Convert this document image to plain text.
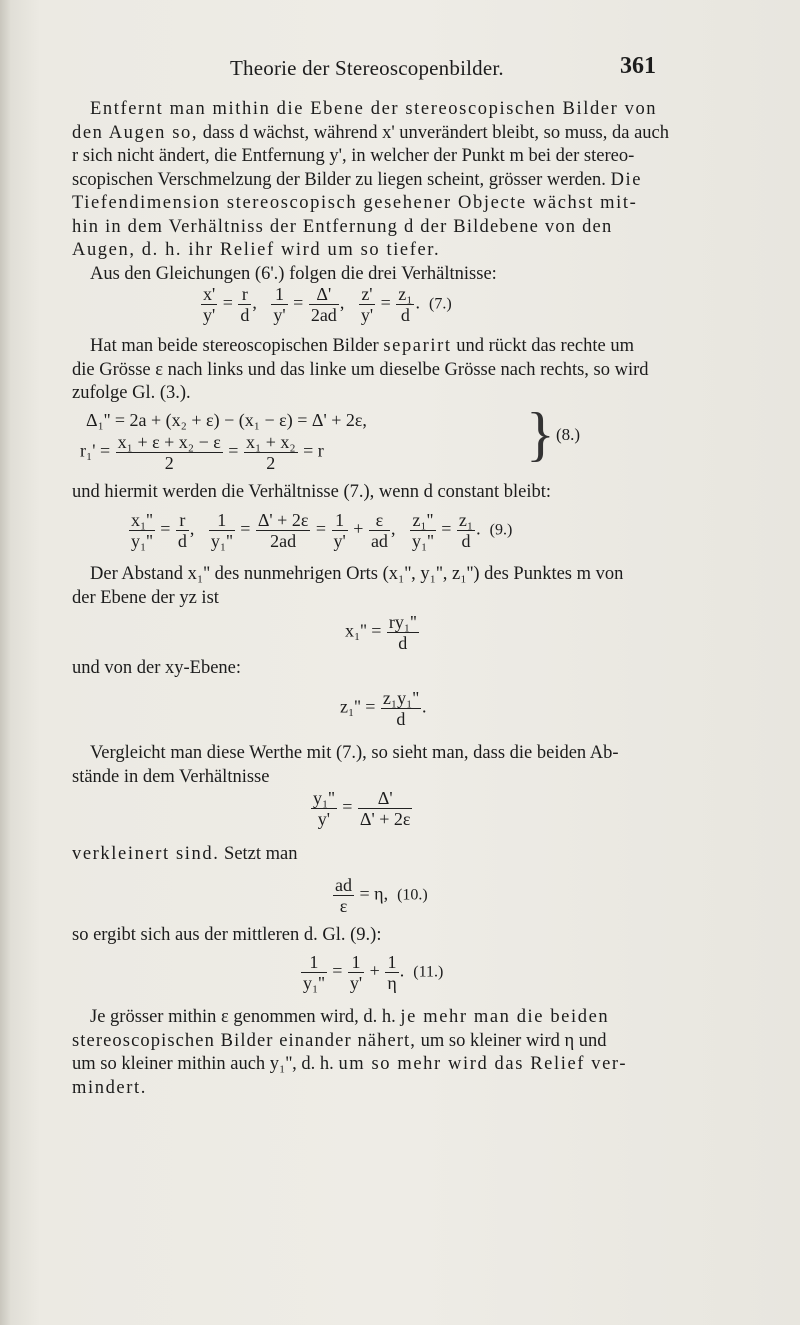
Theorie der Stereoscopenbilder.	361
Entfernt man mithin die Ebene der stereoscopischen Bilder von
den Augen so, dass d wächst, während x' unverändert bleibt, so muss, da auch
r sich nicht ändert, die Entfernung y', in welcher der Punkt m bei der stereo-
scopischen Verschmelzung der Bilder zu liegen scheint, grösser werden. Die
Tiefendimension stereoscopisch gesehener Objecte wächst mit-
hin in dem Verhältniss der Entfernung d der Bildebene von den
Augen, d. h. ihr Relief wird um so tiefer.
Aus den Gleichungen (6'.) folgen die drei Verhältnisse:
$\frac{x'}{y'} = \frac{r}{d}$ , $\frac{1}{y'} = \frac{\Delta'}{2ad}$ , $\frac{z'}{y'} = \frac{\text{z₁}}{d}$ . (7.)
Hat man beide stereoscopischen Bilder separirt und rückt das rechte um
die Grösse ε nach links und das linke um dieselbe Grösse nach rechts, so wird
zufolge Gl. (3.).
Δ₁'' = 2a + (x₂ + ε) − (x₁ − ε) = Δ' + 2ε,
$r_1' = \frac{\text{x₁ + ε + x₂ − ε}}{2} = \frac{\text{x₁ + x₂}}{2} = r$	} (8.)
und hiermit werden die Verhältnisse (7.), wenn d constant bleibt:
$\frac{\text{x₁''}}{\text{y₁''}} = \frac{r}{d}$ , $\frac{1}{\text{y₁''}} = \frac{\Delta' + 2\varepsilon}{2ad} = \frac{1}{y'} + \frac{\varepsilon}{ad}$ , $\frac{\text{z₁''}}{\text{y₁''}} = \frac{\text{z₁}}{d}$ . (9.)
Der Abstand x₁'' des nunmehrigen Orts (x₁'', y₁'', z₁'') des Punktes m von
der Ebene der yz ist
$x_1'' = \frac{\text{ry₁''}}{d}$
und von der xy-Ebene:
$z_1'' = \frac{\text{z₁y₁''}}{d}$ .
Vergleicht man diese Werthe mit (7.), so sieht man, dass die beiden Ab-
stände in dem Verhältnisse
$\frac{\text{y₁''}}{y'} = \frac{\Delta'}{\Delta' + 2\varepsilon}$
verkleinert sind. Setzt man
$\frac{ad}{\varepsilon} = \eta$, (10.)
so ergibt sich aus der mittleren d. Gl. (9.):
$\frac{1}{\text{y₁''}} = \frac{1}{y'} + \frac{1}{\eta}$ . (11.)
Je grösser mithin ε genommen wird, d. h. je mehr man die beiden
stereoscopischen Bilder einander nähert, um so kleiner wird η und
um so kleiner mithin auch y₁'', d. h. um so mehr wird das Relief ver-
mindert.
